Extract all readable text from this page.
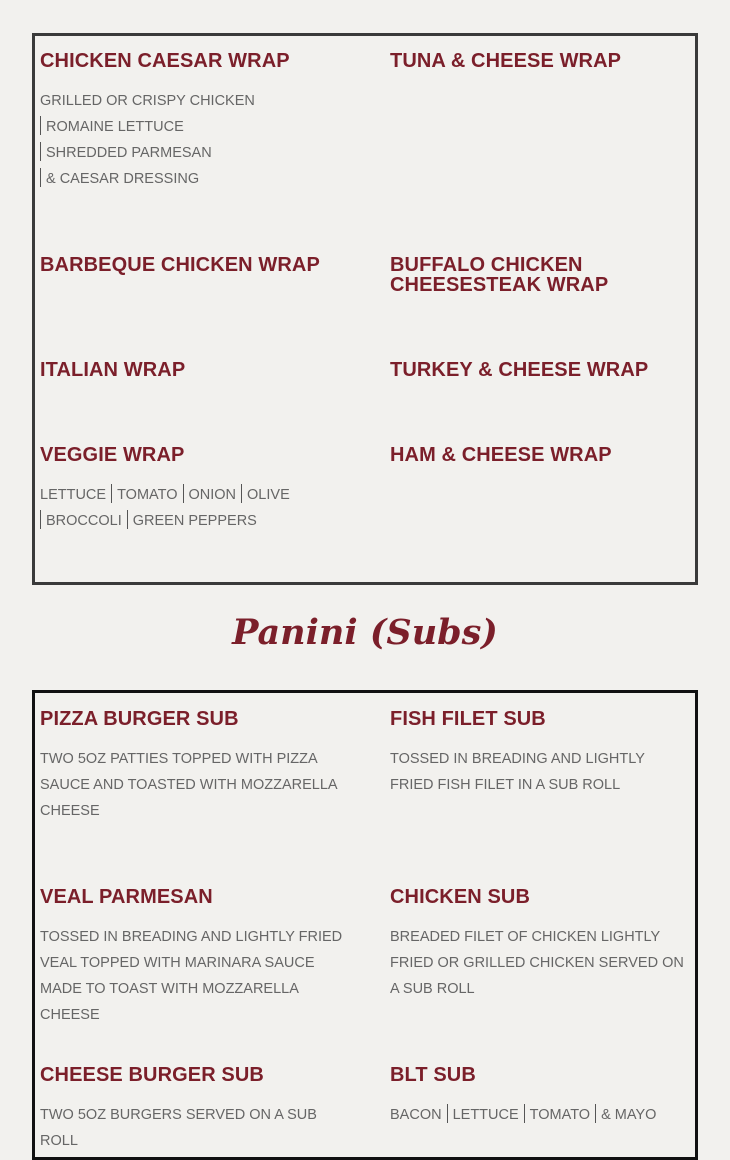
CHICKEN CAESAR WRAP
GRILLED OR CRISPY CHICKEN
ROMAINE LETTUCE
SHREDDED PARMESAN
& CAESAR DRESSING
TUNA & CHEESE WRAP
BARBEQUE CHICKEN WRAP	BUFFALO CHICKEN
CHEESESTEAK WRAP
ITALIAN WRAP	TURKEY & CHEESE WRAP
VEGGIE WRAP
LETTUCE TOMATO ONION OLIVE
BROCCOLI GREEN PEPPERS
HAM & CHEESE WRAP
Panini (Subs)
PIZZA BURGER SUB
TWO 5OZ PATTIES TOPPED WITH PIZZA SAUCE AND TOASTED WITH MOZZARELLA CHEESE
FISH FILET SUB
TOSSED IN BREADING AND LIGHTLY FRIED FISH FILET IN A SUB ROLL
VEAL PARMESAN
TOSSED IN BREADING AND LIGHTLY FRIED VEAL TOPPED WITH MARINARA SAUCE MADE TO TOAST WITH MOZZARELLA CHEESE
CHICKEN SUB
BREADED FILET OF CHICKEN LIGHTLY FRIED OR GRILLED CHICKEN SERVED ON A SUB ROLL
CHEESE BURGER SUB
TWO 5OZ BURGERS SERVED ON A SUB ROLL
BLT SUB
BACON LETTUCE TOMATO & MAYO
